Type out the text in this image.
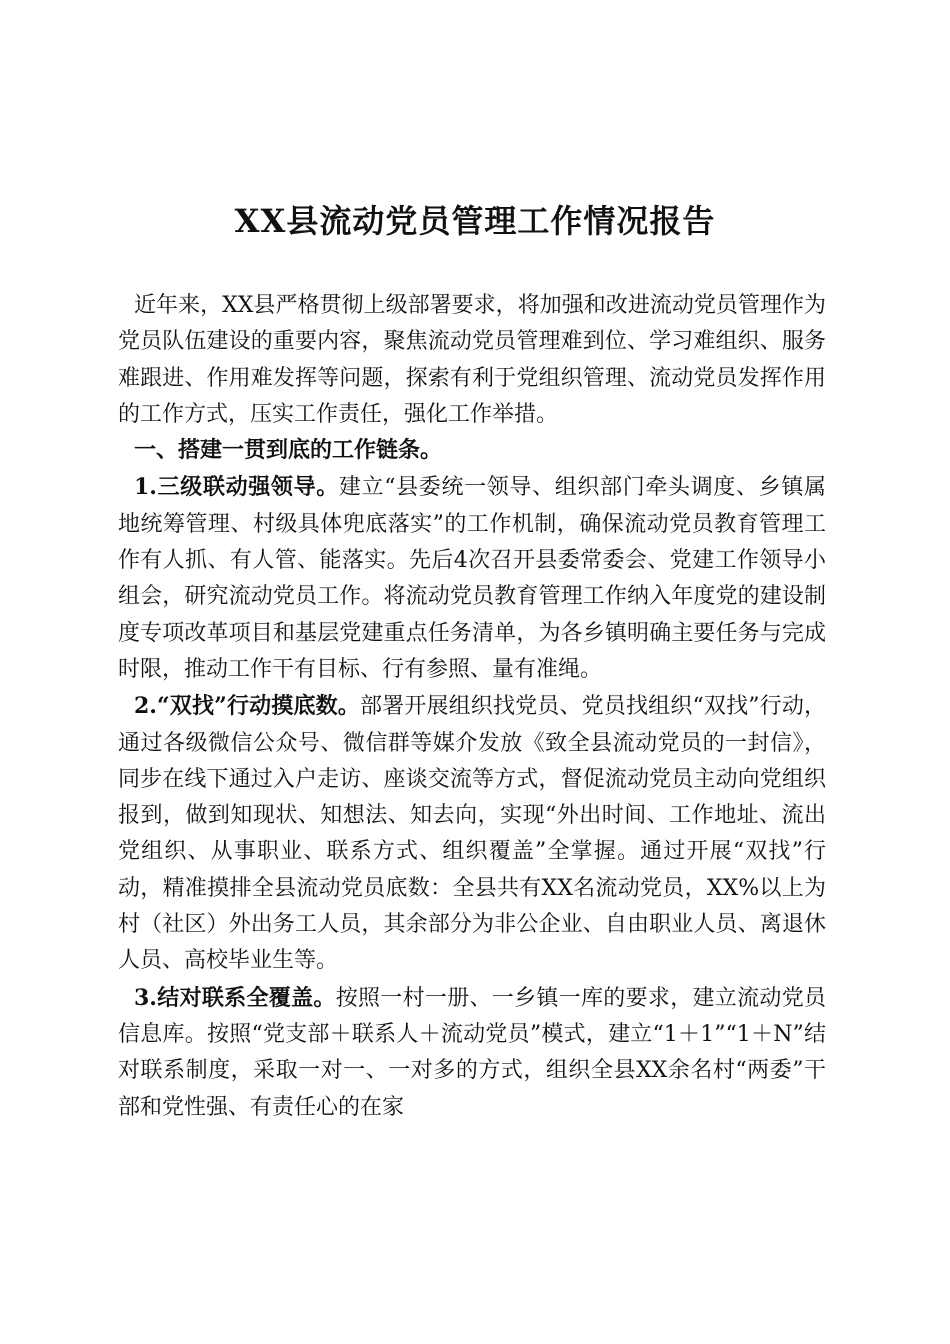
XX县流动党员管理工作情况报告

近年来，XX县严格贯彻上级部署要求，将加强和改进流动党员管理作为党员队伍建设的重要内容，聚焦流动党员管理难到位、学习难组织、服务难跟进、作用难发挥等问题，探索有利于党组织管理、流动党员发挥作用的工作方式，压实工作责任，强化工作举措。

一、搭建一贯到底的工作链条。

1.三级联动强领导。建立“县委统一领导、组织部门牵头调度、乡镇属地统筹管理、村级具体兜底落实”的工作机制，确保流动党员教育管理工作有人抓、有人管、能落实。先后4次召开县委常委会、党建工作领导小组会，研究流动党员工作。将流动党员教育管理工作纳入年度党的建设制度专项改革项目和基层党建重点任务清单，为各乡镇明确主要任务与完成时限，推动工作干有目标、行有参照、量有准绳。

2.“双找”行动摸底数。部署开展组织找党员、党员找组织“双找”行动，通过各级微信公众号、微信群等媒介发放《致全县流动党员的一封信》，同步在线下通过入户走访、座谈交流等方式，督促流动党员主动向党组织报到，做到知现状、知想法、知去向，实现“外出时间、工作地址、流出党组织、从事职业、联系方式、组织覆盖”全掌握。通过开展“双找”行动，精准摸排全县流动党员底数：全县共有XX名流动党员，XX%以上为村（社区）外出务工人员，其余部分为非公企业、自由职业人员、离退休人员、高校毕业生等。

3.结对联系全覆盖。按照一村一册、一乡镇一库的要求，建立流动党员信息库。按照“党支部＋联系人＋流动党员”模式，建立“1＋1”“1＋N”结对联系制度，采取一对一、一对多的方式，组织全县XX余名村“两委”干部和党性强、有责任心的在家
